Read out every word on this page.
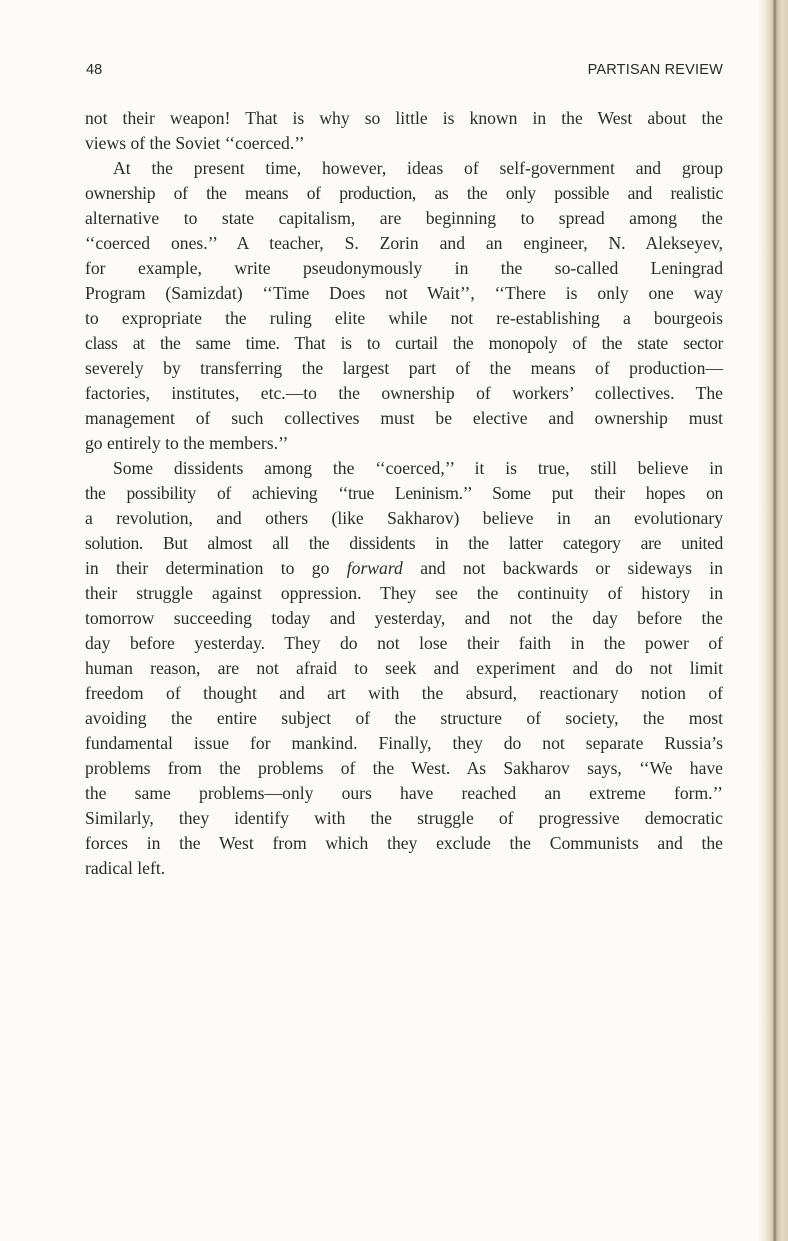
48	PARTISAN REVIEW
not their weapon! That is why so little is known in the West about the
views of the Soviet ‘‘coerced.’’
At the present time, however, ideas of self-government and group
ownership of the means of production, as the only possible and realistic
alternative to state capitalism, are beginning to spread among the
‘‘coerced ones.’’ A teacher, S. Zorin and an engineer, N. Alekseyev,
for example, write pseudonymously in the so-called Leningrad
Program (Samizdat) ‘‘Time Does not Wait’’, ‘‘There is only one way
to expropriate the ruling elite while not re-establishing a bourgeois
class at the same time. That is to curtail the monopoly of the state sector
severely by transferring the largest part of the means of production—
factories, institutes, etc.—to the ownership of workers’ collectives. The
management of such collectives must be elective and ownership must
go entirely to the members.’’
Some dissidents among the ‘‘coerced,’’ it is true, still believe in
the possibility of achieving ‘‘true Leninism.’’ Some put their hopes on
a revolution, and others (like Sakharov) believe in an evolutionary
solution. But almost all the dissidents in the latter category are united
in their determination to go forward and not backwards or sideways in
their struggle against oppression. They see the continuity of history in
tomorrow succeeding today and yesterday, and not the day before the
day before yesterday. They do not lose their faith in the power of
human reason, are not afraid to seek and experiment and do not limit
freedom of thought and art with the absurd, reactionary notion of
avoiding the entire subject of the structure of society, the most
fundamental issue for mankind. Finally, they do not separate Russia’s
problems from the problems of the West. As Sakharov says, ‘‘We have
the same problems—only ours have reached an extreme form.’’
Similarly, they identify with the struggle of progressive democratic
forces in the West from which they exclude the Communists and the
radical left.
